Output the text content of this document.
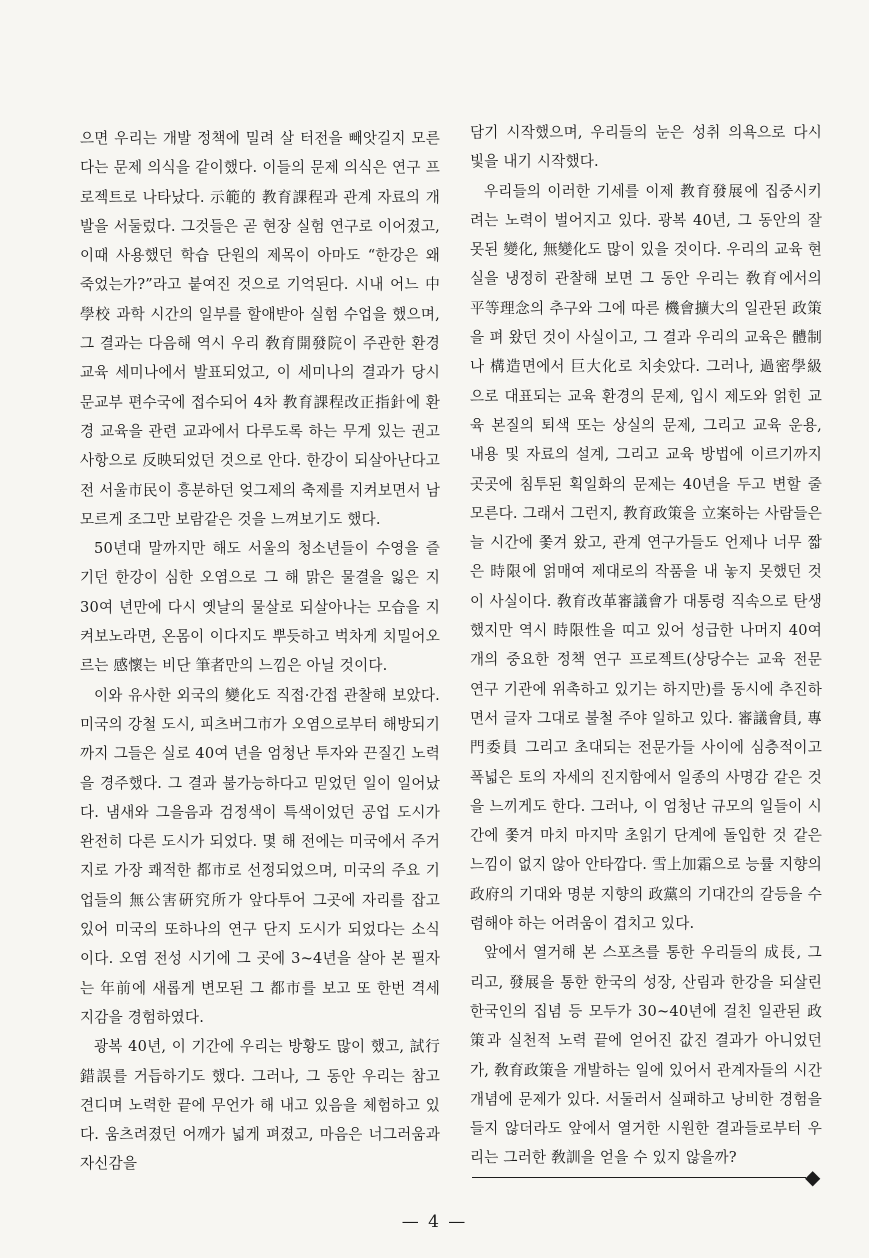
으면 우리는 개발 정책에 밀려 살 터전을 빼앗길지 모른다는 문제 의식을 같이했다. 이들의 문제 의식은 연구 프로젝트로 나타났다. 示範的 教育課程과 관계 자료의 개발을 서둘렀다. 그것들은 곧 현장 실험 연구로 이어졌고, 이때 사용했던 학습 단원의 제목이 아마도 “한강은 왜 죽었는가?”라고 붙여진 것으로 기억된다. 시내 어느 中學校 과학 시간의 일부를 할애받아 실험 수업을 했으며, 그 결과는 다음해 역시 우리 敎育開發院이 주관한 환경 교육 세미나에서 발표되었고, 이 세미나의 결과가 당시 문교부 편수국에 접수되어 4차 教育課程改正指針에 환경 교육을 관련 교과에서 다루도록 하는 무게 있는 권고 사항으로 反映되었던 것으로 안다. 한강이 되살아난다고 전 서울市民이 흥분하던 엊그제의 축제를 지켜보면서 남모르게 조그만 보람같은 것을 느껴보기도 했다.

50년대 말까지만 해도 서울의 청소년들이 수영을 즐기던 한강이 심한 오염으로 그 해 맑은 물결을 잃은 지 30여 년만에 다시 옛날의 물살로 되살아나는 모습을 지켜보노라면, 온몸이 이다지도 뿌듯하고 벅차게 치밀어오르는 感懷는 비단 筆者만의 느낌은 아닐 것이다.

이와 유사한 외국의 變化도 직접·간접 관찰해 보았다. 미국의 강철 도시, 피츠버그市가 오염으로부터 해방되기까지 그들은 실로 40여 년을 엄청난 투자와 끈질긴 노력을 경주했다. 그 결과 불가능하다고 믿었던 일이 일어났다. 냄새와 그을음과 검정색이 특색이었던 공업 도시가 완전히 다른 도시가 되었다. 몇 해 전에는 미국에서 주거지로 가장 쾌적한 都市로 선정되었으며, 미국의 주요 기업들의 無公害硏究所가 앞다투어 그곳에 자리를 잡고 있어 미국의 또하나의 연구 단지 도시가 되었다는 소식이다. 오염 전성 시기에 그 곳에 3~4년을 살아 본 필자는 年前에 새롭게 변모된 그 都市를 보고 또 한번 격세지감을 경험하였다.

광복 40년, 이 기간에 우리는 방황도 많이 했고, 試行錯誤를 거듭하기도 했다. 그러나, 그 동안 우리는 참고 견디며 노력한 끝에 무언가 해 내고 있음을 체험하고 있다. 움츠려졌던 어깨가 넓게 펴졌고, 마음은 너그러움과 자신감을

담기 시작했으며, 우리들의 눈은 성취 의욕으로 다시 빛을 내기 시작했다.

우리들의 이러한 기세를 이제 教育發展에 집중시키려는 노력이 벌어지고 있다. 광복 40년, 그 동안의 잘못된 變化, 無變化도 많이 있을 것이다. 우리의 교육 현실을 냉정히 관찰해 보면 그 동안 우리는 敎育에서의 平等理念의 추구와 그에 따른 機會擴大의 일관된 政策을 펴 왔던 것이 사실이고, 그 결과 우리의 교육은 體制나 構造면에서 巨大化로 치솟았다. 그러나, 過密學級으로 대표되는 교육 환경의 문제, 입시 제도와 얽힌 교육 본질의 퇴색 또는 상실의 문제, 그리고 교육 운용, 내용 및 자료의 설계, 그리고 교육 방법에 이르기까지 곳곳에 침투된 획일화의 문제는 40년을 두고 변할 줄 모른다. 그래서 그런지, 教育政策을 立案하는 사람들은 늘 시간에 쫓겨 왔고, 관계 연구가들도 언제나 너무 짧은 時限에 얽매여 제대로의 작품을 내 놓지 못했던 것이 사실이다. 敎育改革審議會가 대통령 직속으로 탄생했지만 역시 時限性을 띠고 있어 성급한 나머지 40여 개의 중요한 정책 연구 프로젝트(상당수는 교육 전문 연구 기관에 위촉하고 있기는 하지만)를 동시에 추진하면서 글자 그대로 불철 주야 일하고 있다. 審議會員, 專門委員 그리고 초대되는 전문가들 사이에 심층적이고 폭넓은 토의 자세의 진지함에서 일종의 사명감 같은 것을 느끼게도 한다. 그러나, 이 엄청난 규모의 일들이 시간에 쫓겨 마치 마지막 초읽기 단계에 돌입한 것 같은 느낌이 없지 않아 안타깝다. 雪上加霜으로 능률 지향의 政府의 기대와 명분 지향의 政黨의 기대간의 갈등을 수렴해야 하는 어려움이 겹치고 있다.

앞에서 열거해 본 스포츠를 통한 우리들의 成長, 그리고, 發展을 통한 한국의 성장, 산림과 한강을 되살린 한국인의 집념 등 모두가 30~40년에 걸친 일관된 政策과 실천적 노력 끝에 얻어진 값진 결과가 아니었던가, 敎育政策을 개발하는 일에 있어서 관계자들의 시간 개념에 문제가 있다. 서둘러서 실패하고 낭비한 경험을 들지 않더라도 앞에서 열거한 시원한 결과들로부터 우리는 그러한 敎訓을 얻을 수 있지 않을까?

◆
— 4 —
